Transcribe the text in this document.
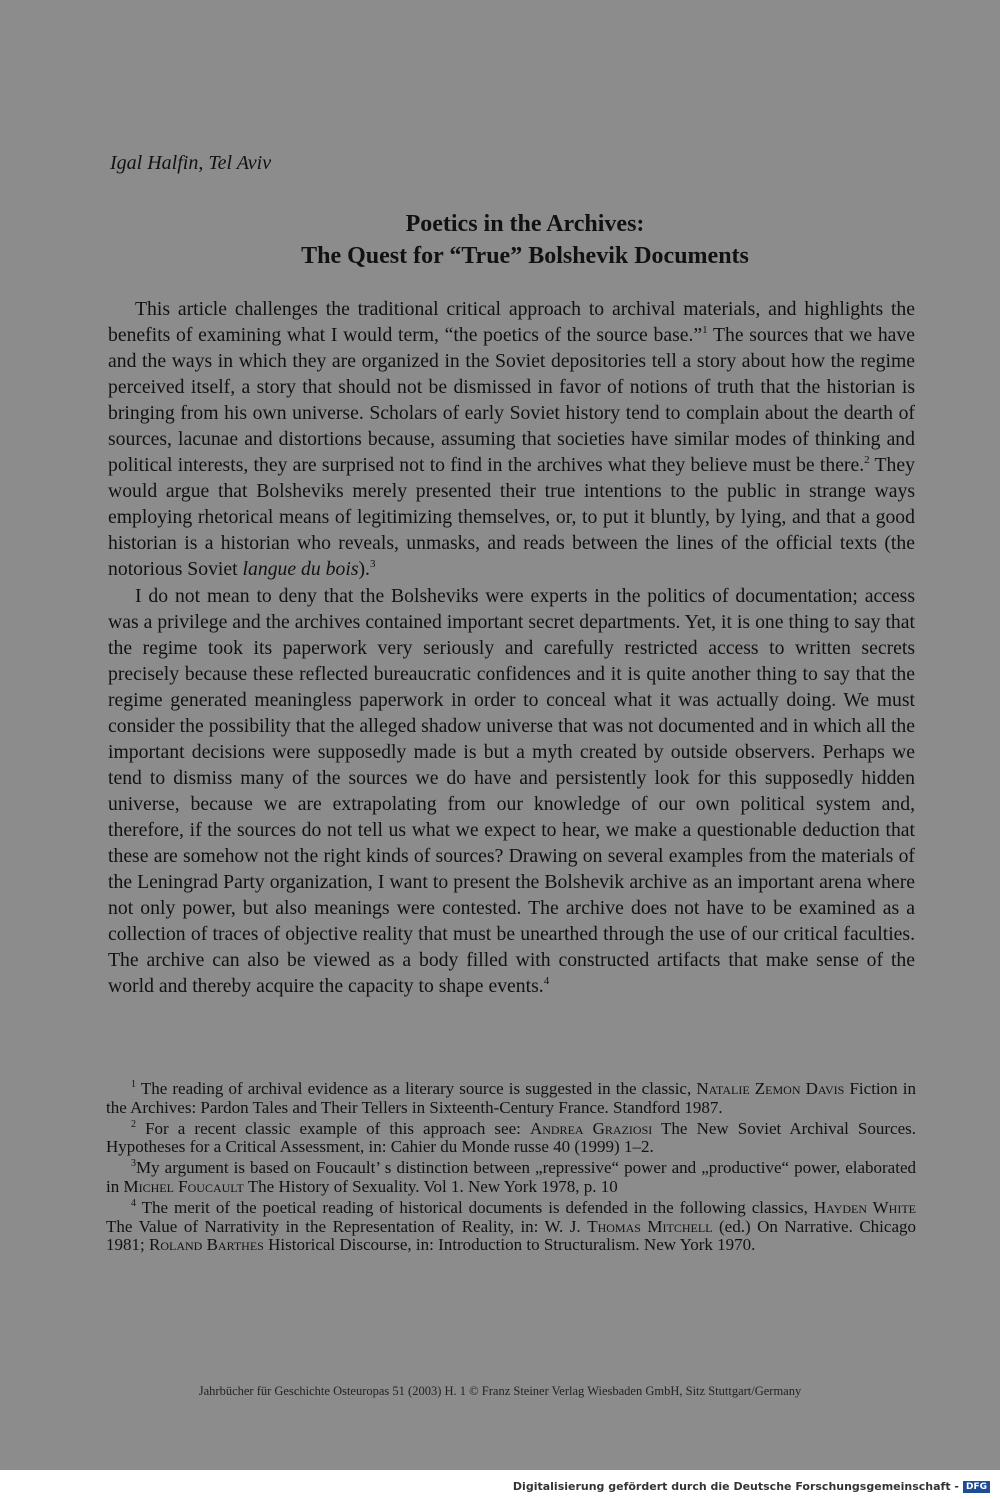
Igal Halfin, Tel Aviv
Poetics in the Archives:
The Quest for “True” Bolshevik Documents

This article challenges the traditional critical approach to archival materials, and highlights the benefits of examining what I would term, “the poetics of the source base.”$^1$ The sources that we have and the ways in which they are organized in the Soviet depositories tell a story about how the regime perceived itself, a story that should not be dismissed in favor of notions of truth that the historian is bringing from his own universe. Scholars of early Soviet history tend to complain about the dearth of sources, lacunae and distortions because, assuming that societies have similar modes of thinking and political interests, they are surprised not to find in the archives what they believe must be there.$^2$ They would argue that Bolsheviks merely presented their true intentions to the public in strange ways employing rhetorical means of legitimizing themselves, or, to put it bluntly, by lying, and that a good historian is a historian who reveals, unmasks, and reads between the lines of the official texts (the notorious Soviet langue du bois).$^3$

I do not mean to deny that the Bolsheviks were experts in the politics of documentation; access was a privilege and the archives contained important secret departments. Yet, it is one thing to say that the regime took its paperwork very seriously and carefully restricted access to written secrets precisely because these reflected bureaucratic confidences and it is quite another thing to say that the regime generated meaningless paperwork in order to conceal what it was actually doing. We must consider the possibility that the alleged shadow universe that was not documented and in which all the important decisions were supposedly made is but a myth created by outside observers. Perhaps we tend to dismiss many of the sources we do have and persistently look for this supposedly hidden universe, because we are extrapolating from our knowledge of our own political system and, therefore, if the sources do not tell us what we expect to hear, we make a questionable deduction that these are somehow not the right kinds of sources? Drawing on several examples from the materials of the Leningrad Party organization, I want to present the Bolshevik archive as an important arena where not only power, but also meanings were contested. The archive does not have to be examined as a collection of traces of objective reality that must be unearthed through the use of our critical faculties. The archive can also be viewed as a body filled with constructed artifacts that make sense of the world and thereby acquire the capacity to shape events.$^4$

$^1$ The reading of archival evidence as a literary source is suggested in the classic, Natalie Zemon Davis Fiction in the Archives: Pardon Tales and Their Tellers in Sixteenth-Century France. Standford 1987.

$^2$ For a recent classic example of this approach see: Andrea Graziosi The New Soviet Archival Sources. Hypotheses for a Critical Assessment, in: Cahier du Monde russe 40 (1999) 1–2.

$^3$My argument is based on Foucault’ s distinction between „repressive“ power and „productive“ power, elaborated in Michel Foucault The History of Sexuality. Vol 1. New York 1978, p. 10

$^4$ The merit of the poetical reading of historical documents is defended in the following classics, Hayden White The Value of Narrativity in the Representation of Reality, in: W. J. Thomas Mitchell (ed.) On Narrative. Chicago 1981; Roland Barthes Historical Discourse, in: Introduction to Structuralism. New York 1970.

Jahrbücher für Geschichte Osteuropas 51 (2003) H. 1 © Franz Steiner Verlag Wiesbaden GmbH, Sitz Stuttgart/Germany
Digitalisierung gefördert durch die Deutsche Forschungsgemeinschaft - DFG
